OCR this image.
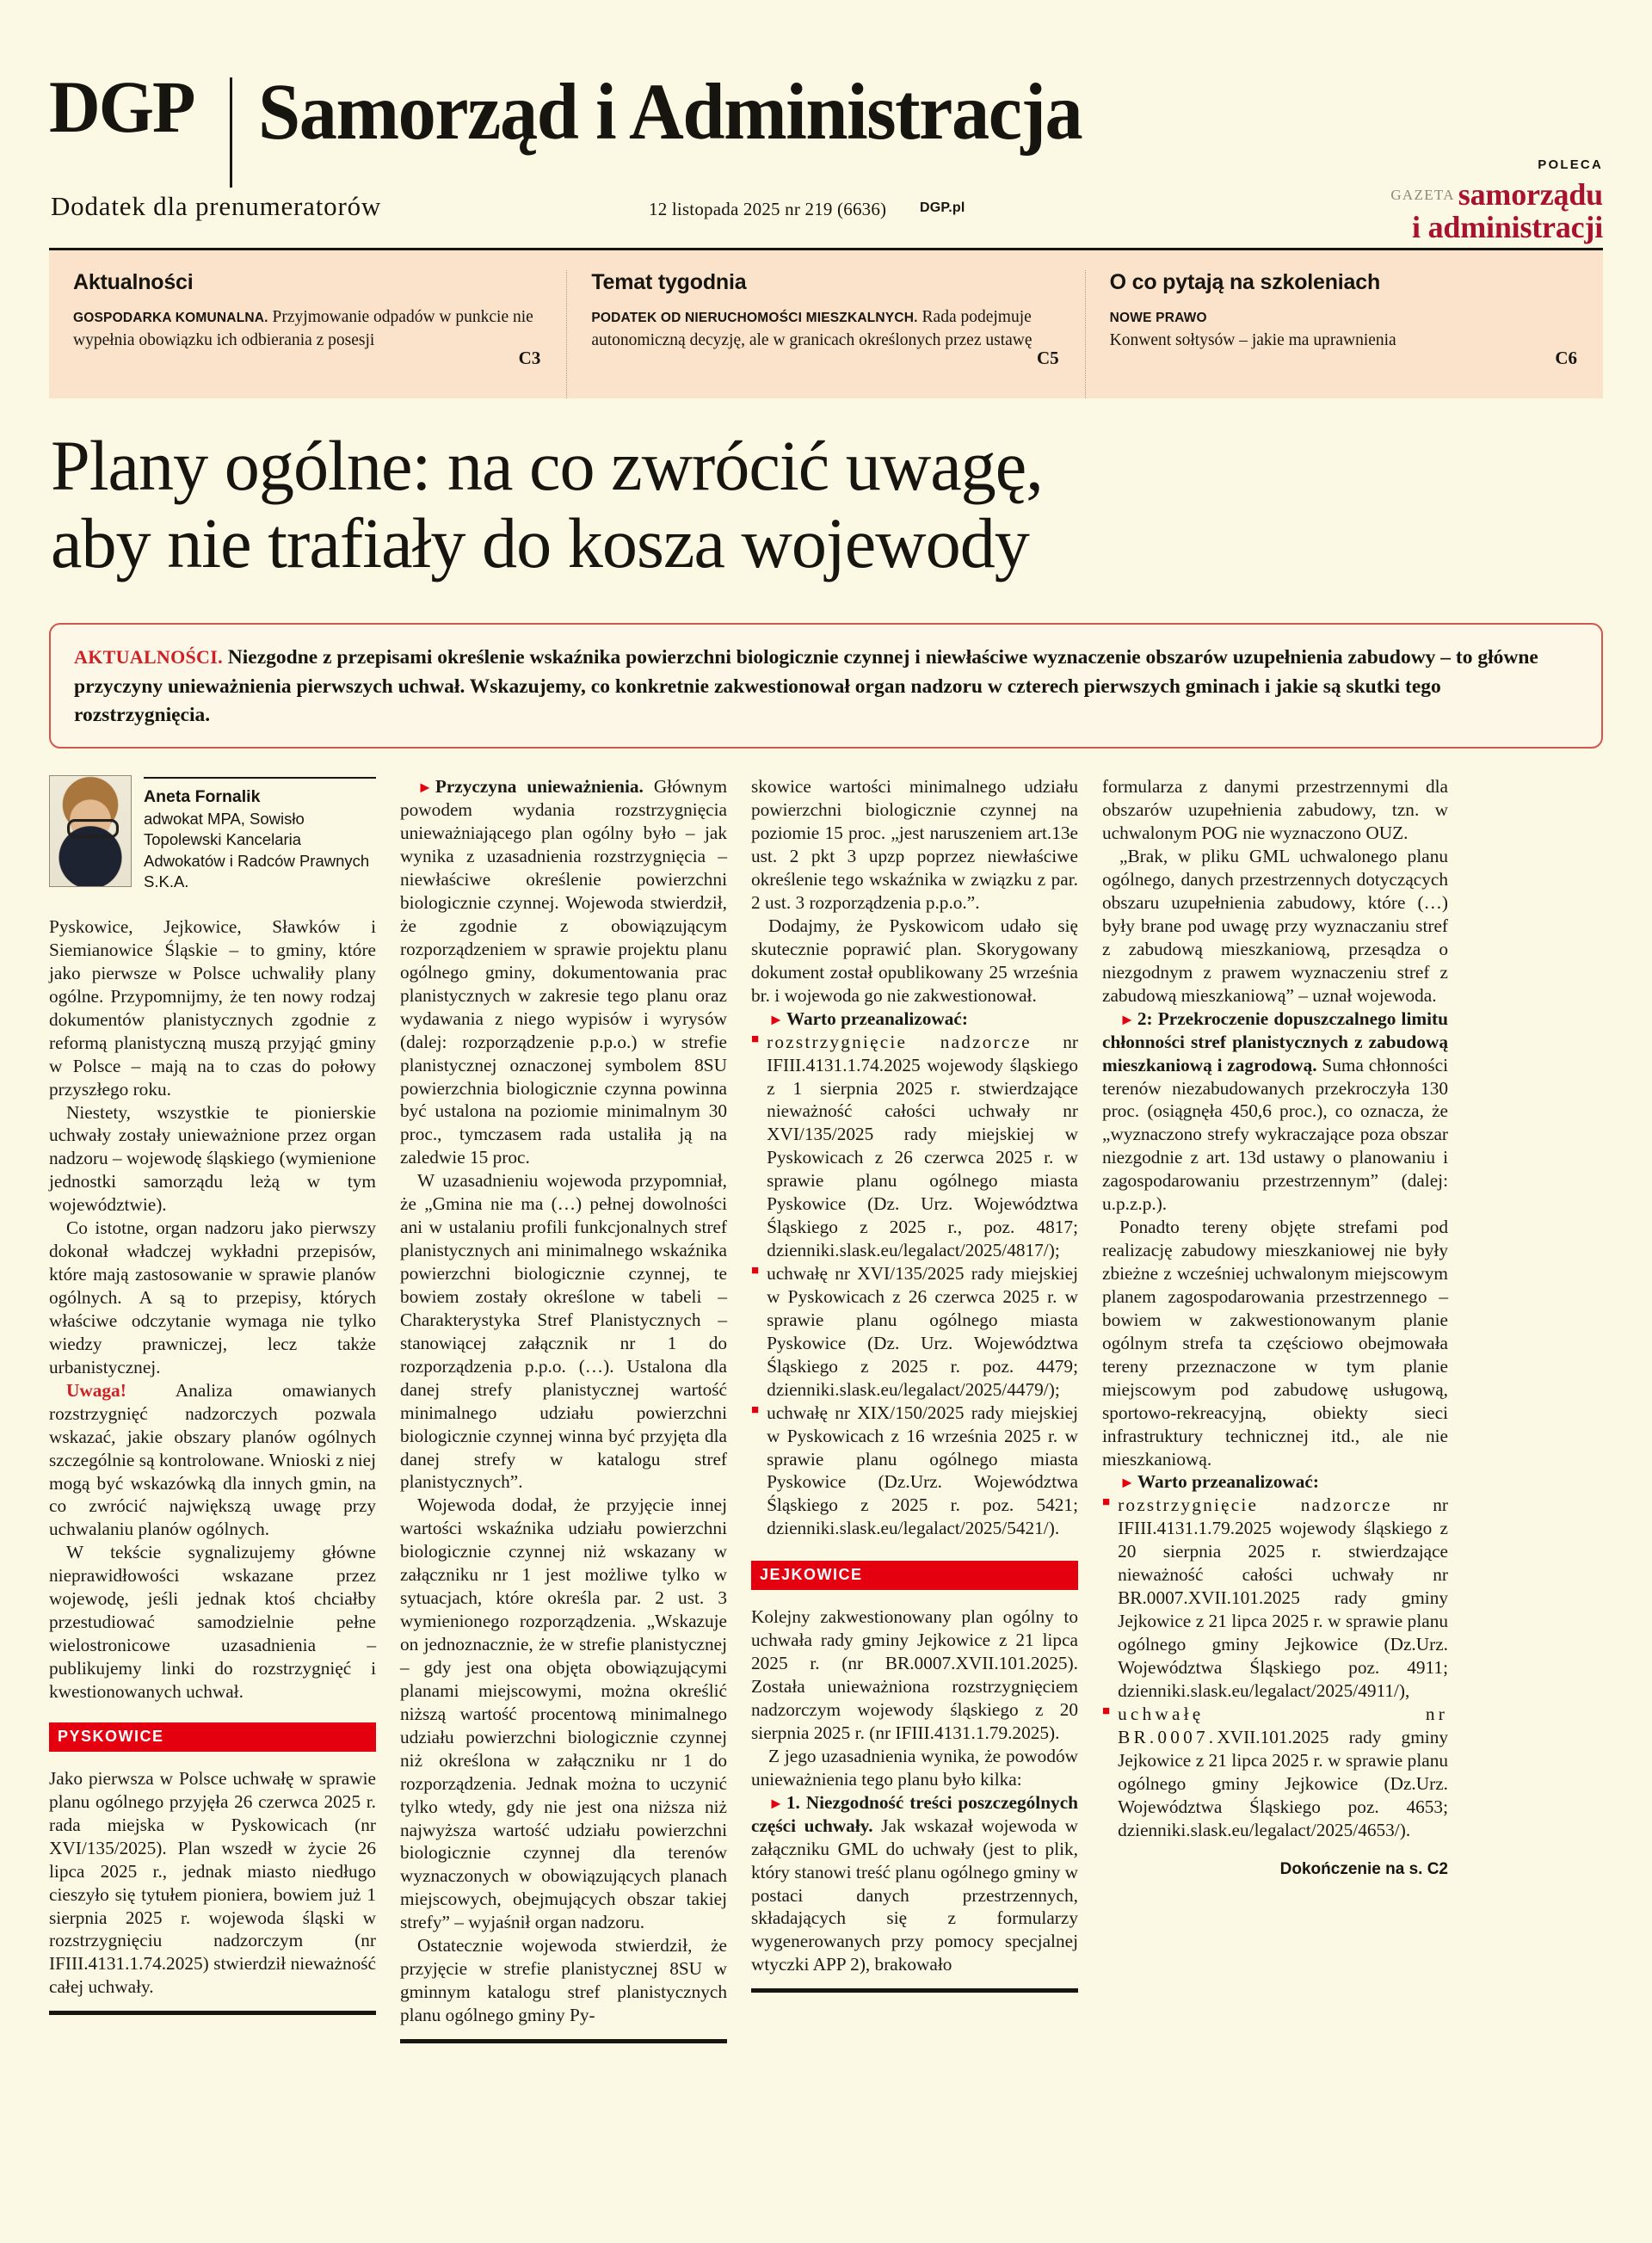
DGP Samorząd i Administracja
Dodatek dla prenumeratorów	12 listopada 2025 nr 219 (6636) DGP.pl
POLECA
GAZETA samorządu
i administracji
Aktualności
GOSPODARKA KOMUNALNA. Przyjmowanie odpadów w punkcie nie wypełnia obowiązku ich odbierania z posesji
C3
Temat tygodnia
PODATEK OD NIERUCHOMOŚCI MIESZKALNYCH. Rada podejmuje autonomiczną decyzję, ale w granicach określonych przez ustawę
C5
O co pytają na szkoleniach
NOWE PRAWO
Konwent sołtysów – jakie ma uprawnienia
C6
Plany ogólne: na co zwrócić uwagę,
aby nie trafiały do kosza wojewody
AKTUALNOŚCI. Niezgodne z przepisami określenie wskaźnika powierzchni biologicznie czynnej i niewłaściwe wyznaczenie obszarów uzupełnienia zabudowy – to główne przyczyny unieważnienia pierwszych uchwał. Wskazujemy, co konkretnie zakwestionował organ nadzoru w czterech pierwszych gminach i jakie są skutki tego rozstrzygnięcia.
Aneta Fornalik
adwokat MPA, Sowisło Topolewski Kancelaria Adwokatów i Radców Prawnych S.K.A.

Pyskowice, Jejkowice, Sławków i Siemianowice Śląskie – to gminy, które jako pierwsze w Polsce uchwaliły plany ogólne. Przypomnijmy, że ten nowy rodzaj dokumentów planistycznych zgodnie z reformą planistyczną muszą przyjąć gminy w Polsce – mają na to czas do połowy przyszłego roku.

Niestety, wszystkie te pionierskie uchwały zostały unieważnione przez organ nadzoru – wojewodę śląskiego (wymienione jednostki samorządu leżą w tym województwie).

Co istotne, organ nadzoru jako pierwszy dokonał władczej wykładni przepisów, które mają zastosowanie w sprawie planów ogólnych. A są to przepisy, których właściwe odczytanie wymaga nie tylko wiedzy prawniczej, lecz także urbanistycznej.

Uwaga! Analiza omawianych rozstrzygnięć nadzorczych pozwala wskazać, jakie obszary planów ogólnych szczególnie są kontrolowane. Wnioski z niej mogą być wskazówką dla innych gmin, na co zwrócić największą uwagę przy uchwalaniu planów ogólnych.

W tekście sygnalizujemy główne nieprawidłowości wskazane przez wojewodę, jeśli jednak ktoś chciałby przestudiować samodzielnie pełne wielostronicowe uzasadnienia – publikujemy linki do rozstrzygnięć i kwestionowanych uchwał.

PYSKOWICE

Jako pierwsza w Polsce uchwałę w sprawie planu ogólnego przyjęła 26 czerwca 2025 r. rada miejska w Pyskowicach (nr XVI/135/2025). Plan wszedł w życie 26 lipca 2025 r., jednak miasto niedługo cieszyło się tytułem pioniera, bowiem już 1 sierpnia 2025 r. wojewoda śląski w rozstrzygnięciu nadzorczym (nr IFIII.4131.1.74.2025) stwierdził nieważność całej uchwały.

► Przyczyna unieważnienia. Głównym powodem wydania rozstrzygnięcia unieważniającego plan ogólny było – jak wynika z uzasadnienia rozstrzygnięcia – niewłaściwe określenie powierzchni biologicznie czynnej. Wojewoda stwierdził, że zgodnie z obowiązującym rozporządzeniem w sprawie projektu planu ogólnego gminy, dokumentowania prac planistycznych w zakresie tego planu oraz wydawania z niego wypisów i wyrysów (dalej: rozporządzenie p.p.o.) w strefie planistycznej oznaczonej symbolem 8SU powierzchnia biologicznie czynna powinna być ustalona na poziomie minimalnym 30 proc., tymczasem rada ustaliła ją na zaledwie 15 proc.

W uzasadnieniu wojewoda przypomniał, że „Gmina nie ma (…) pełnej dowolności ani w ustalaniu profili funkcjonalnych stref planistycznych ani minimalnego wskaźnika powierzchni biologicznie czynnej, te bowiem zostały określone w tabeli – Charakterystyka Stref Planistycznych – stanowiącej załącznik nr 1 do rozporządzenia p.p.o. (…). Ustalona dla danej strefy planistycznej wartość minimalnego udziału powierzchni biologicznie czynnej winna być przyjęta dla danej strefy w katalogu stref planistycznych”.

Wojewoda dodał, że przyjęcie innej wartości wskaźnika udziału powierzchni biologicznie czynnej niż wskazany w załączniku nr 1 jest możliwe tylko w sytuacjach, które określa par. 2 ust. 3 wymienionego rozporządzenia. „Wskazuje on jednoznacznie, że w strefie planistycznej – gdy jest ona objęta obowiązującymi planami miejscowymi, można określić niższą wartość procentową minimalnego udziału powierzchni biologicznie czynnej niż określona w załączniku nr 1 do rozporządzenia. Jednak można to uczynić tylko wtedy, gdy nie jest ona niższa niż najwyższa wartość udziału powierzchni biologicznie czynnej dla terenów wyznaczonych w obowiązujących planach miejscowych, obejmujących obszar takiej strefy” – wyjaśnił organ nadzoru.

Ostatecznie wojewoda stwierdził, że przyjęcie w strefie planistycznej 8SU w gminnym katalogu stref planistycznych planu ogólnego gminy Py-

skowice wartości minimalnego udziału powierzchni biologicznie czynnej na poziomie 15 proc. „jest naruszeniem art.13e ust. 2 pkt 3 upzp poprzez niewłaściwe określenie tego wskaźnika w związku z par. 2 ust. 3 rozporządzenia p.p.o.”.

Dodajmy, że Pyskowicom udało się skutecznie poprawić plan. Skorygowany dokument został opublikowany 25 września br. i wojewoda go nie zakwestionował.

► Warto przeanalizować:

■ rozstrzygnięcie nadzorcze nr IFIII.4131.1.74.2025 wojewody śląskiego z 1 sierpnia 2025 r. stwierdzające nieważność całości uchwały nr XVI/135/2025 rady miejskiej w Pyskowicach z 26 czerwca 2025 r. w sprawie planu ogólnego miasta Pyskowice (Dz. Urz. Województwa Śląskiego z 2025 r., poz. 4817; dzienniki.slask.eu/legalact/2025/4817/);

■ uchwałę nr XVI/135/2025 rady miejskiej w Pyskowicach z 26 czerwca 2025 r. w sprawie planu ogólnego miasta Pyskowice (Dz. Urz. Województwa Śląskiego z 2025 r. poz. 4479; dzienniki.slask.eu/legalact/2025/4479/);

■ uchwałę nr XIX/150/2025 rady miejskiej w Pyskowicach z 16 września 2025 r. w sprawie planu ogólnego miasta Pyskowice (Dz.Urz. Województwa Śląskiego z 2025 r. poz. 5421; dzienniki.slask.eu/legalact/2025/5421/).

JEJKOWICE

Kolejny zakwestionowany plan ogólny to uchwała rady gminy Jejkowice z 21 lipca 2025 r. (nr BR.0007.XVII.101.2025). Została unieważniona rozstrzygnięciem nadzorczym wojewody śląskiego z 20 sierpnia 2025 r. (nr IFIII.4131.1.79.2025).

Z jego uzasadnienia wynika, że powodów unieważnienia tego planu było kilka:

► 1. Niezgodność treści poszczególnych części uchwały. Jak wskazał wojewoda w załączniku GML do uchwały (jest to plik, który stanowi treść planu ogólnego gminy w postaci danych przestrzennych, składających się z formularzy wygenerowanych przy pomocy specjalnej wtyczki APP 2), brakowało

formularza z danymi przestrzennymi dla obszarów uzupełnienia zabudowy, tzn. w uchwalonym POG nie wyznaczono OUZ.

„Brak, w pliku GML uchwalonego planu ogólnego, danych przestrzennych dotyczących obszaru uzupełnienia zabudowy, które (…) były brane pod uwagę przy wyznaczaniu stref z zabudową mieszkaniową, przesądza o niezgodnym z prawem wyznaczeniu stref z zabudową mieszkaniową” – uznał wojewoda.

► 2: Przekroczenie dopuszczalnego limitu chłonności stref planistycznych z zabudową mieszkaniową i zagrodową. Suma chłonności terenów niezabudowanych przekroczyła 130 proc. (osiągnęła 450,6 proc.), co oznacza, że „wyznaczono strefy wykraczające poza obszar niezgodnie z art. 13d ustawy o planowaniu i zagospodarowaniu przestrzennym” (dalej: u.p.z.p.).

Ponadto tereny objęte strefami pod realizację zabudowy mieszkaniowej nie były zbieżne z wcześniej uchwalonym miejscowym planem zagospodarowania przestrzennego – bowiem w zakwestionowanym planie ogólnym strefa ta częściowo obejmowała tereny przeznaczone w tym planie miejscowym pod zabudowę usługową, sportowo-rekreacyjną, obiekty sieci infrastruktury technicznej itd., ale nie mieszkaniową.

► Warto przeanalizować:

■ rozstrzygnięcie nadzorcze nr IFIII.4131.1.79.2025 wojewody śląskiego z 20 sierpnia 2025 r. stwierdzające nieważność całości uchwały nr BR.0007.XVII.101.2025 rady gminy Jejkowice z 21 lipca 2025 r. w sprawie planu ogólnego gminy Jejkowice (Dz.Urz. Województwa Śląskiego poz. 4911; dzienniki.slask.eu/legalact/2025/4911/),

■ uchwałę	nr BR.0007.XVII.101.2025 rady gminy Jejkowice z 21 lipca 2025 r. w sprawie planu ogólnego gminy Jejkowice (Dz.Urz. Województwa Śląskiego poz. 4653; dzienniki.slask.eu/legalact/2025/4653/).

Dokończenie na s. C2
